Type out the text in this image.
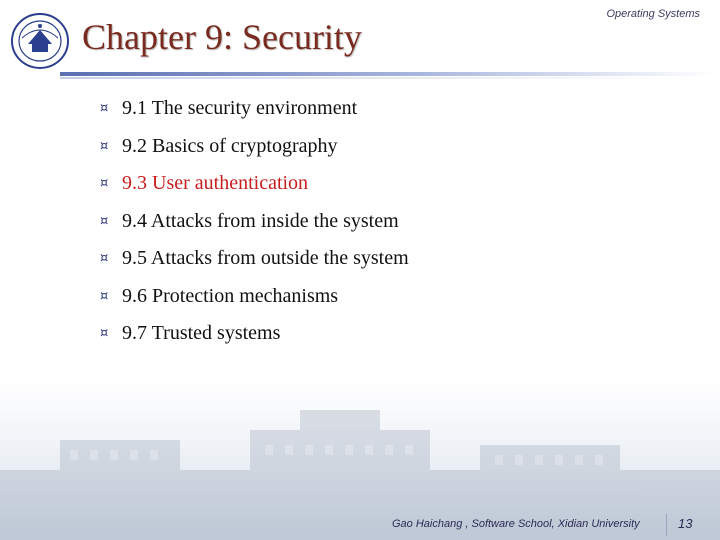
Chapter 9: Security
Operating Systems
¤ 9.1 The security environment
¤ 9.2 Basics of cryptography
¤ 9.3 User authentication
¤ 9.4 Attacks from inside the system
¤ 9.5 Attacks from outside the system
¤ 9.6 Protection mechanisms
¤ 9.7 Trusted systems
Gao Haichang , Software School, Xidian University	13
